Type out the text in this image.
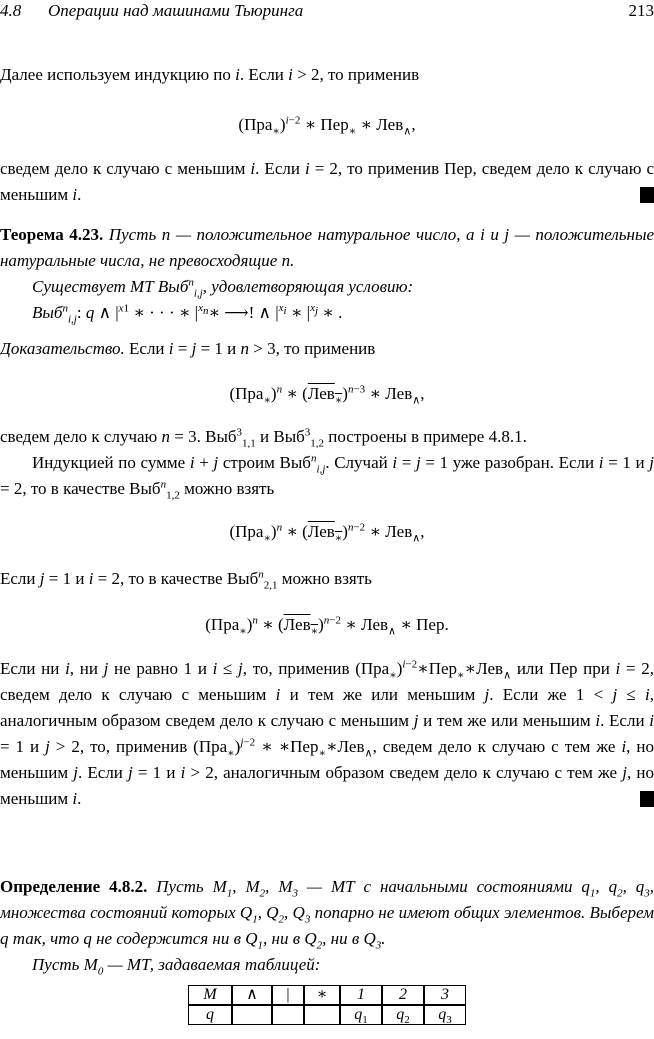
4.8 Операции над машинами Тьюринга	213

Далее используем индукцию по i. Если i > 2, то применив

$(Пра_∗)^{i-2}$ ∗ Пер$_∗$ ∗ Лев$_\wedge$,

сведем дело к случаю с меньшим i. Если i = 2, то применив Пер, сведем дело к случаю с меньшим i.

Теорема 4.23. Пусть n — положительное натуральное число, а i и j — положительные натуральные числа, не превосходящие n.

Существует МТ Выб$^n_{i,j}$, удовлетворяющая условию:

Выб$^n_{i,j}$: q ∧ $|^{x1}$ ∗ · · · ∗ $|^{x_n}∗$ ⟶! ∧ $|^{x_i}$ ∗ $|^{x_j}$ ∗ .

Доказательство. Если i = j = 1 и n > 3, то применив

$(Пра_∗)^n$ ∗ $(Лев_∗)^{n-3}$ ∗ Лев$_\wedge$,

сведем дело к случаю n = 3. Выб$^3_{1,1}$ и Выб$^3_{1,2}$ построены в примере 4.8.1.

Индукцией по сумме i + j строим Выб$^n_{i,j}$. Случай i = j = 1 уже разобран. Если i = 1 и j = 2, то в качестве Выб$^n_{1,2}$ можно взять

$(Пра_∗)^n$ ∗ $(Лев_∗)^{n-2}$ ∗ Лев$_\wedge$,

Если j = 1 и i = 2, то в качестве Выб$^n_{2,1}$ можно взять

$(Пра_∗)^n$ ∗ $(Лев_∗)^{n-2}$ ∗ Лев$_\wedge$ ∗ Пер.

Если ни i, ни j не равно 1 и i ≤ j, то, применив $(Пра_∗)^{i-2}∗Пер_∗∗Лев_\wedge$ или Пер при i = 2, сведем дело к случаю с меньшим i и тем же или меньшим j. Если же 1 < j ≤ i, аналогичным образом сведем дело к случаю с меньшим j и тем же или меньшим i. Если i = 1 и j > 2, то, применив $(Пра_∗)^{j-2}$ ∗ ∗Пер$_∗$∗Лев$_\wedge$, сведем дело к случаю с тем же i, но меньшим j. Если j = 1 и i > 2, аналогичным образом сведем дело к случаю с тем же j, но меньшим i.

Определение 4.8.2. Пусть $M_1$, $M_2$, $M_3$ — МТ с начальными состояниями $q_1$, $q_2$, $q_3$, множества состояний которых $Q_1$, $Q_2$, $Q_3$ попарно не имеют общих элементов. Выберем q так, что q не содержится ни в $Q_1$, ни в $Q_2$, ни в $Q_3$.

Пусть $M_0$ — МТ, задаваемая таблицей:

M	∧	|	∗	1	2	3
q				$q_1$	$q_2$	$q_3$
